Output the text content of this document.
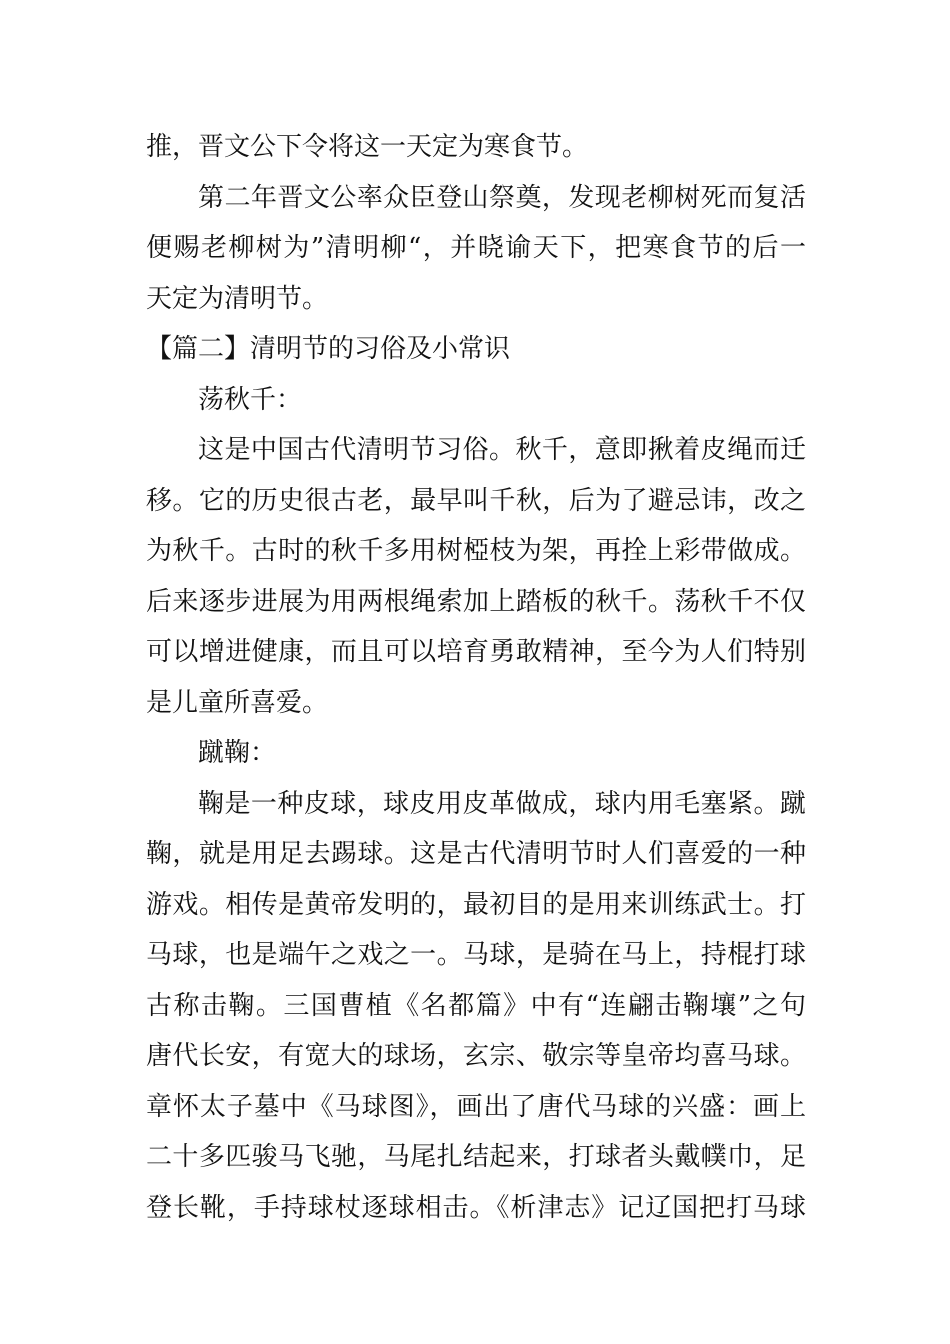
推，晋文公下令将这一天定为寒食节。
第二年晋文公率众臣登山祭奠，发现老柳树死而复活
便赐老柳树为”清明柳“，并晓谕天下，把寒食节的后一
天定为清明节。
【篇二】清明节的习俗及小常识
荡秋千：
这是中国古代清明节习俗。秋千，意即揪着皮绳而迁
移。它的历史很古老，最早叫千秋，后为了避忌讳，改之
为秋千。古时的秋千多用树椏枝为架，再拴上彩带做成。
后来逐步进展为用两根绳索加上踏板的秋千。荡秋千不仅
可以增进健康，而且可以培育勇敢精神，至今为人们特别
是儿童所喜爱。
蹴鞠：
鞠是一种皮球，球皮用皮革做成，球内用毛塞紧。蹴
鞠，就是用足去踢球。这是古代清明节时人们喜爱的一种
游戏。相传是黄帝发明的，最初目的是用来训练武士。打
马球，也是端午之戏之一。马球，是骑在马上，持棍打球
古称击鞠。三国曹植《名都篇》中有“连翩击鞠壤”之句
唐代长安，有宽大的球场，玄宗、敬宗等皇帝均喜马球。
章怀太子墓中《马球图》，画出了唐代马球的兴盛：画上
二十多匹骏马飞驰，马尾扎结起来，打球者头戴幞巾，足
登长靴，手持球杖逐球相击。《析津志》记辽国把打马球
